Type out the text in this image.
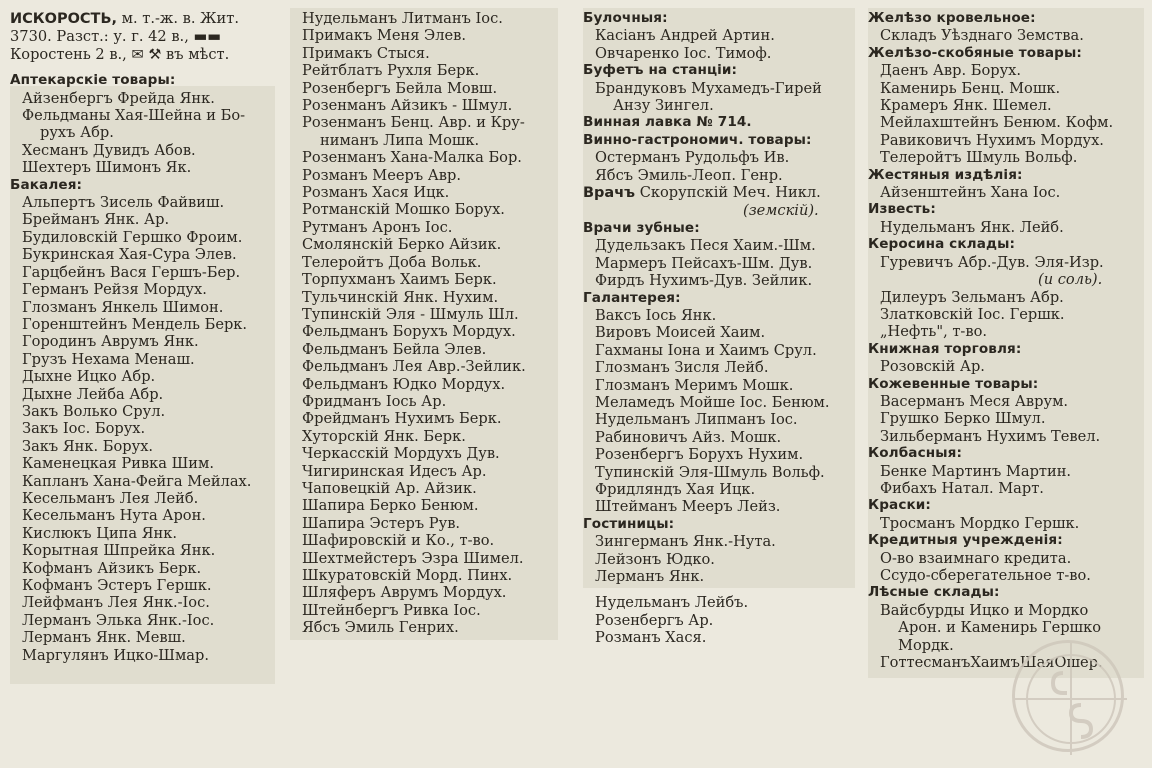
ИСКОРОСТЬ, м. т.-ж. в. Жит.
3730. Разст.: у. г. 42 в., ▬▬
Коростень 2 в., ✉ ⚒ въ мѣст.
Аптекарскіе товары:
Айзенбергъ Фрейда Янк.
Фельдманы Хая-Шейна и Бо-
рухъ Абр.
Хесманъ Дувидъ Абов.
Шехтеръ Шимонъ Як.
Бакалея:
Альпертъ Зисель Файвиш.
Брейманъ Янк. Ар.
Будиловскій Гершко Фроим.
Букринская Хая-Сура Элев.
Гарцбейнъ Вася Гершъ-Бер.
Германъ Рейзя Мордух.
Глозманъ Янкель Шимон.
Горенштейнъ Мендель Берк.
Городинъ Аврумъ Янк.
Грузъ Нехама Менаш.
Дыхне Ицко Абр.
Дыхне Лейба Абр.
Закъ Волько Срул.
Закъ Іос. Борух.
Закъ Янк. Борух.
Каменецкая Ривка Шим.
Капланъ Хана-Фейга Мейлах.
Кесельманъ Лея Лейб.
Кесельманъ Нута Арон.
Кислюкъ Ципа Янк.
Корытная Шпрейка Янк.
Кофманъ Айзикъ Берк.
Кофманъ Эстеръ Гершк.
Лейфманъ Лея Янк.-Іос.
Лерманъ Элька Янк.-Іос.
Лерманъ Янк. Мевш.
Маргулянъ Ицко-Шмар.
Нудельманъ Литманъ Іос.
Примакъ Меня Элев.
Примакъ Стыся.
Рейтблатъ Рухля Берк.
Розенбергъ Бейла Мовш.
Розенманъ Айзикъ - Шмул.
Розенманъ Бенц. Авр. и Кру-
ниманъ Липа Мошк.
Розенманъ Хана-Малка Бор.
Розманъ Мееръ Авр.
Розманъ Хася Ицк.
Ротманскій Мошко Борух.
Рутманъ Аронъ Іос.
Смолянскій Берко Айзик.
Телеройтъ Доба Вольк.
Торпухманъ Хаимъ Берк.
Тульчинскій Янк. Нухим.
Тупинскій Эля - Шмуль Шл.
Фельдманъ Борухъ Мордух.
Фельдманъ Бейла Элев.
Фельдманъ Лея Авр.-Зейлик.
Фельдманъ Юдко Мордух.
Фридманъ Іось Ар.
Фрейдманъ Нухимъ Берк.
Хуторскій Янк. Берк.
Черкасскій Мордухъ Дув.
Чигиринская Идесъ Ар.
Чаповецкій Ар. Айзик.
Шапира Берко Бенюм.
Шапира Эстеръ Рув.
Шафировскій и Ко., т-во.
Шехтмейстеръ Эзра Шимел.
Шкуратовскій Морд. Пинх.
Шляферъ Аврумъ Мордух.
Штейнбергъ Ривка Іос.
Ябсъ Эмиль Генрих.
Булочныя:
Касіанъ Андрей Артин.
Овчаренко Іос. Тимоф.
Буфетъ на станціи:
Брандуковъ Мухамедъ-Гирей
Анзу Зингел.
Винная лавка № 714.
Винно-гастрономич. товары:
Остерманъ Рудольфъ Ив.
Ябсъ Эмиль-Леоп. Генр.
Врачъ Скорупскій Меч. Никл.
(земскій).
Врачи зубные:
Дудельзакъ Песя Хаим.-Шм.
Мармеръ Пейсахъ-Шм. Дув.
Фирдъ Нухимъ-Дув. Зейлик.
Галантерея:
Ваксъ Іось Янк.
Вировъ Моисей Хаим.
Гахманы Іона и Хаимъ Срул.
Глозманъ Зисля Лейб.
Глозманъ Меримъ Мошк.
Меламедъ Мойше Іос. Бенюм.
Нудельманъ Липманъ Іос.
Рабиновичъ Айз. Мошк.
Розенбергъ Борухъ Нухим.
Тупинскій Эля-Шмуль Вольф.
Фридляндъ Хая Ицк.
Штейманъ Мееръ Лейз.
Гостиницы:
Зингерманъ Янк.-Нута.
Лейзонъ Юдко.
Лерманъ Янк.
Нудельманъ Лейбъ.
Розенбергъ Ар.
Розманъ Хася.
Желѣзо кровельное:
Складъ Уѣзднаго Земства.
Желѣзо-скобяные товары:
Даенъ Авр. Борух.
Каменирь Бенц. Мошк.
Крамеръ Янк. Шемел.
Мейлахштейнъ Бенюм. Кофм.
Равиковичъ Нухимъ Мордух.
Телеройтъ Шмуль Вольф.
Жестяныя издѣлія:
Айзенштейнъ Хана Іос.
Известь:
Нудельманъ Янк. Лейб.
Керосина склады:
Гуревичъ Абр.-Дув. Эля-Изр.
(и соль).
Дилеуръ Зельманъ Абр.
Златковскій Іос. Гершк.
„Нефть", т-во.
Книжная торговля:
Розовскій Ар.
Кожевенные товары:
Васерманъ Меся Аврум.
Грушко Берко Шмул.
Зильберманъ Нухимъ Тевел.
Колбасныя:
Бенке Мартинъ Мартин.
Фибахъ Натал. Март.
Краски:
Тросманъ Мордко Гершк.
Кредитныя учрежденія:
О-во взаимнаго кредита.
Ссудо-сберегательное т-во.
Лѣсные склады:
Вайсбурды Ицко и Мордко
Арон. и Каменирь Гершко
Мордк.
ГоттесманъХаимъШаяОшер.
